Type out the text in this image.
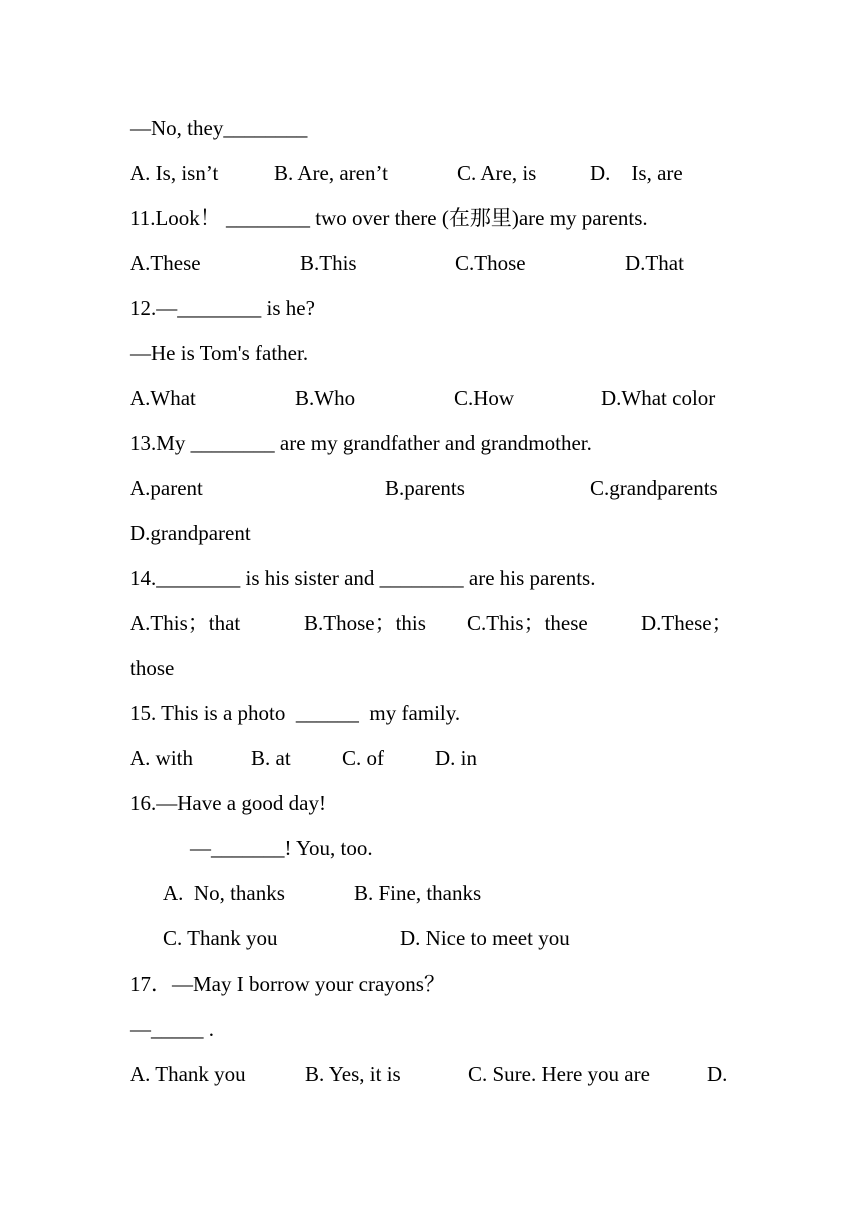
—No, they________

A. Is, isn’t

	B. Are, aren’t

	C. Are, is

	D.    Is, are

11.Look！ ________ two over there (在那里)are my parents.

A.These

	B.This

	C.Those

	D.That

12.—________ is he?

—He is Tom's father.

A.What

	B.Who

	C.How

	D.What color

13.My ________ are my grandfather and grandmother.

A.parent

	B.parents

	C.grandparents

D.grandparent

14.________ is his sister and ________ are his parents.

A.This；that

	B.Those；this

C.This；these

	D.These；

those

15. This is a photo  ______  my family.

A. with

	B. at

C. of

D. in

16.—Have a good day!

—_______! You, too.

A.  No, thanks

	B. Fine, thanks

C. Thank you

	D. Nice to meet you

17．—May I borrow your crayons？

—_____ .

A. Thank you

	B. Yes, it is

	C. Sure. Here you are

	D.
